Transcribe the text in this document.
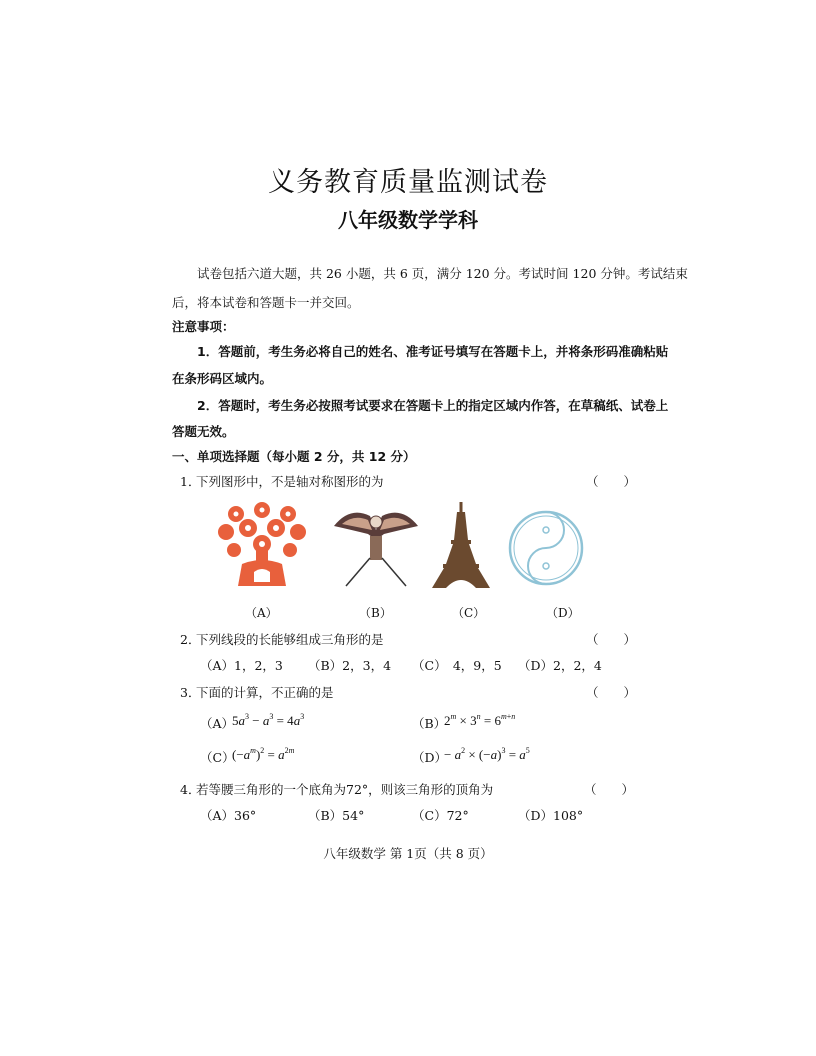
义务教育质量监测试卷
八年级数学学科
试卷包括六道大题，共 26 小题，共 6 页，满分 120 分。考试时间 120 分钟。考试结束
后，将本试卷和答题卡一并交回。
注意事项：
1．答题前，考生务必将自己的姓名、准考证号填写在答题卡上，并将条形码准确粘贴
在条形码区域内。
2．答题时，考生务必按照考试要求在答题卡上的指定区域内作答，在草稿纸、试卷上
答题无效。
一、单项选择题（每小题 2 分，共 12 分）
1．
下列图形中，不是轴对称图形的为	（　　）
（A）	（B）	（C）	（D）
2．
下列线段的长能够组成三角形的是	（　　）
（A）1，2，3 （B）2，3，4 （C）　4，9，5 （D）2，2，4
3．
下面的计算，不正确的是	（　　）
（A）
$5a^3 - a^3 = 4a^3$	（B）
$2^m \times 3^n = 6^{m+n}$
（C）
$(-a^m)^2 = a^{2m}$	（D）
− $a^2 \times (-a)^3 = a^5$
4．
若等腰三角形的一个底角为72°，则该三角形的顶角为	（　　）
（A）36°	（B）54°	（C）72°	（D）108°
八年级数学 第 1页（共 8 页）
